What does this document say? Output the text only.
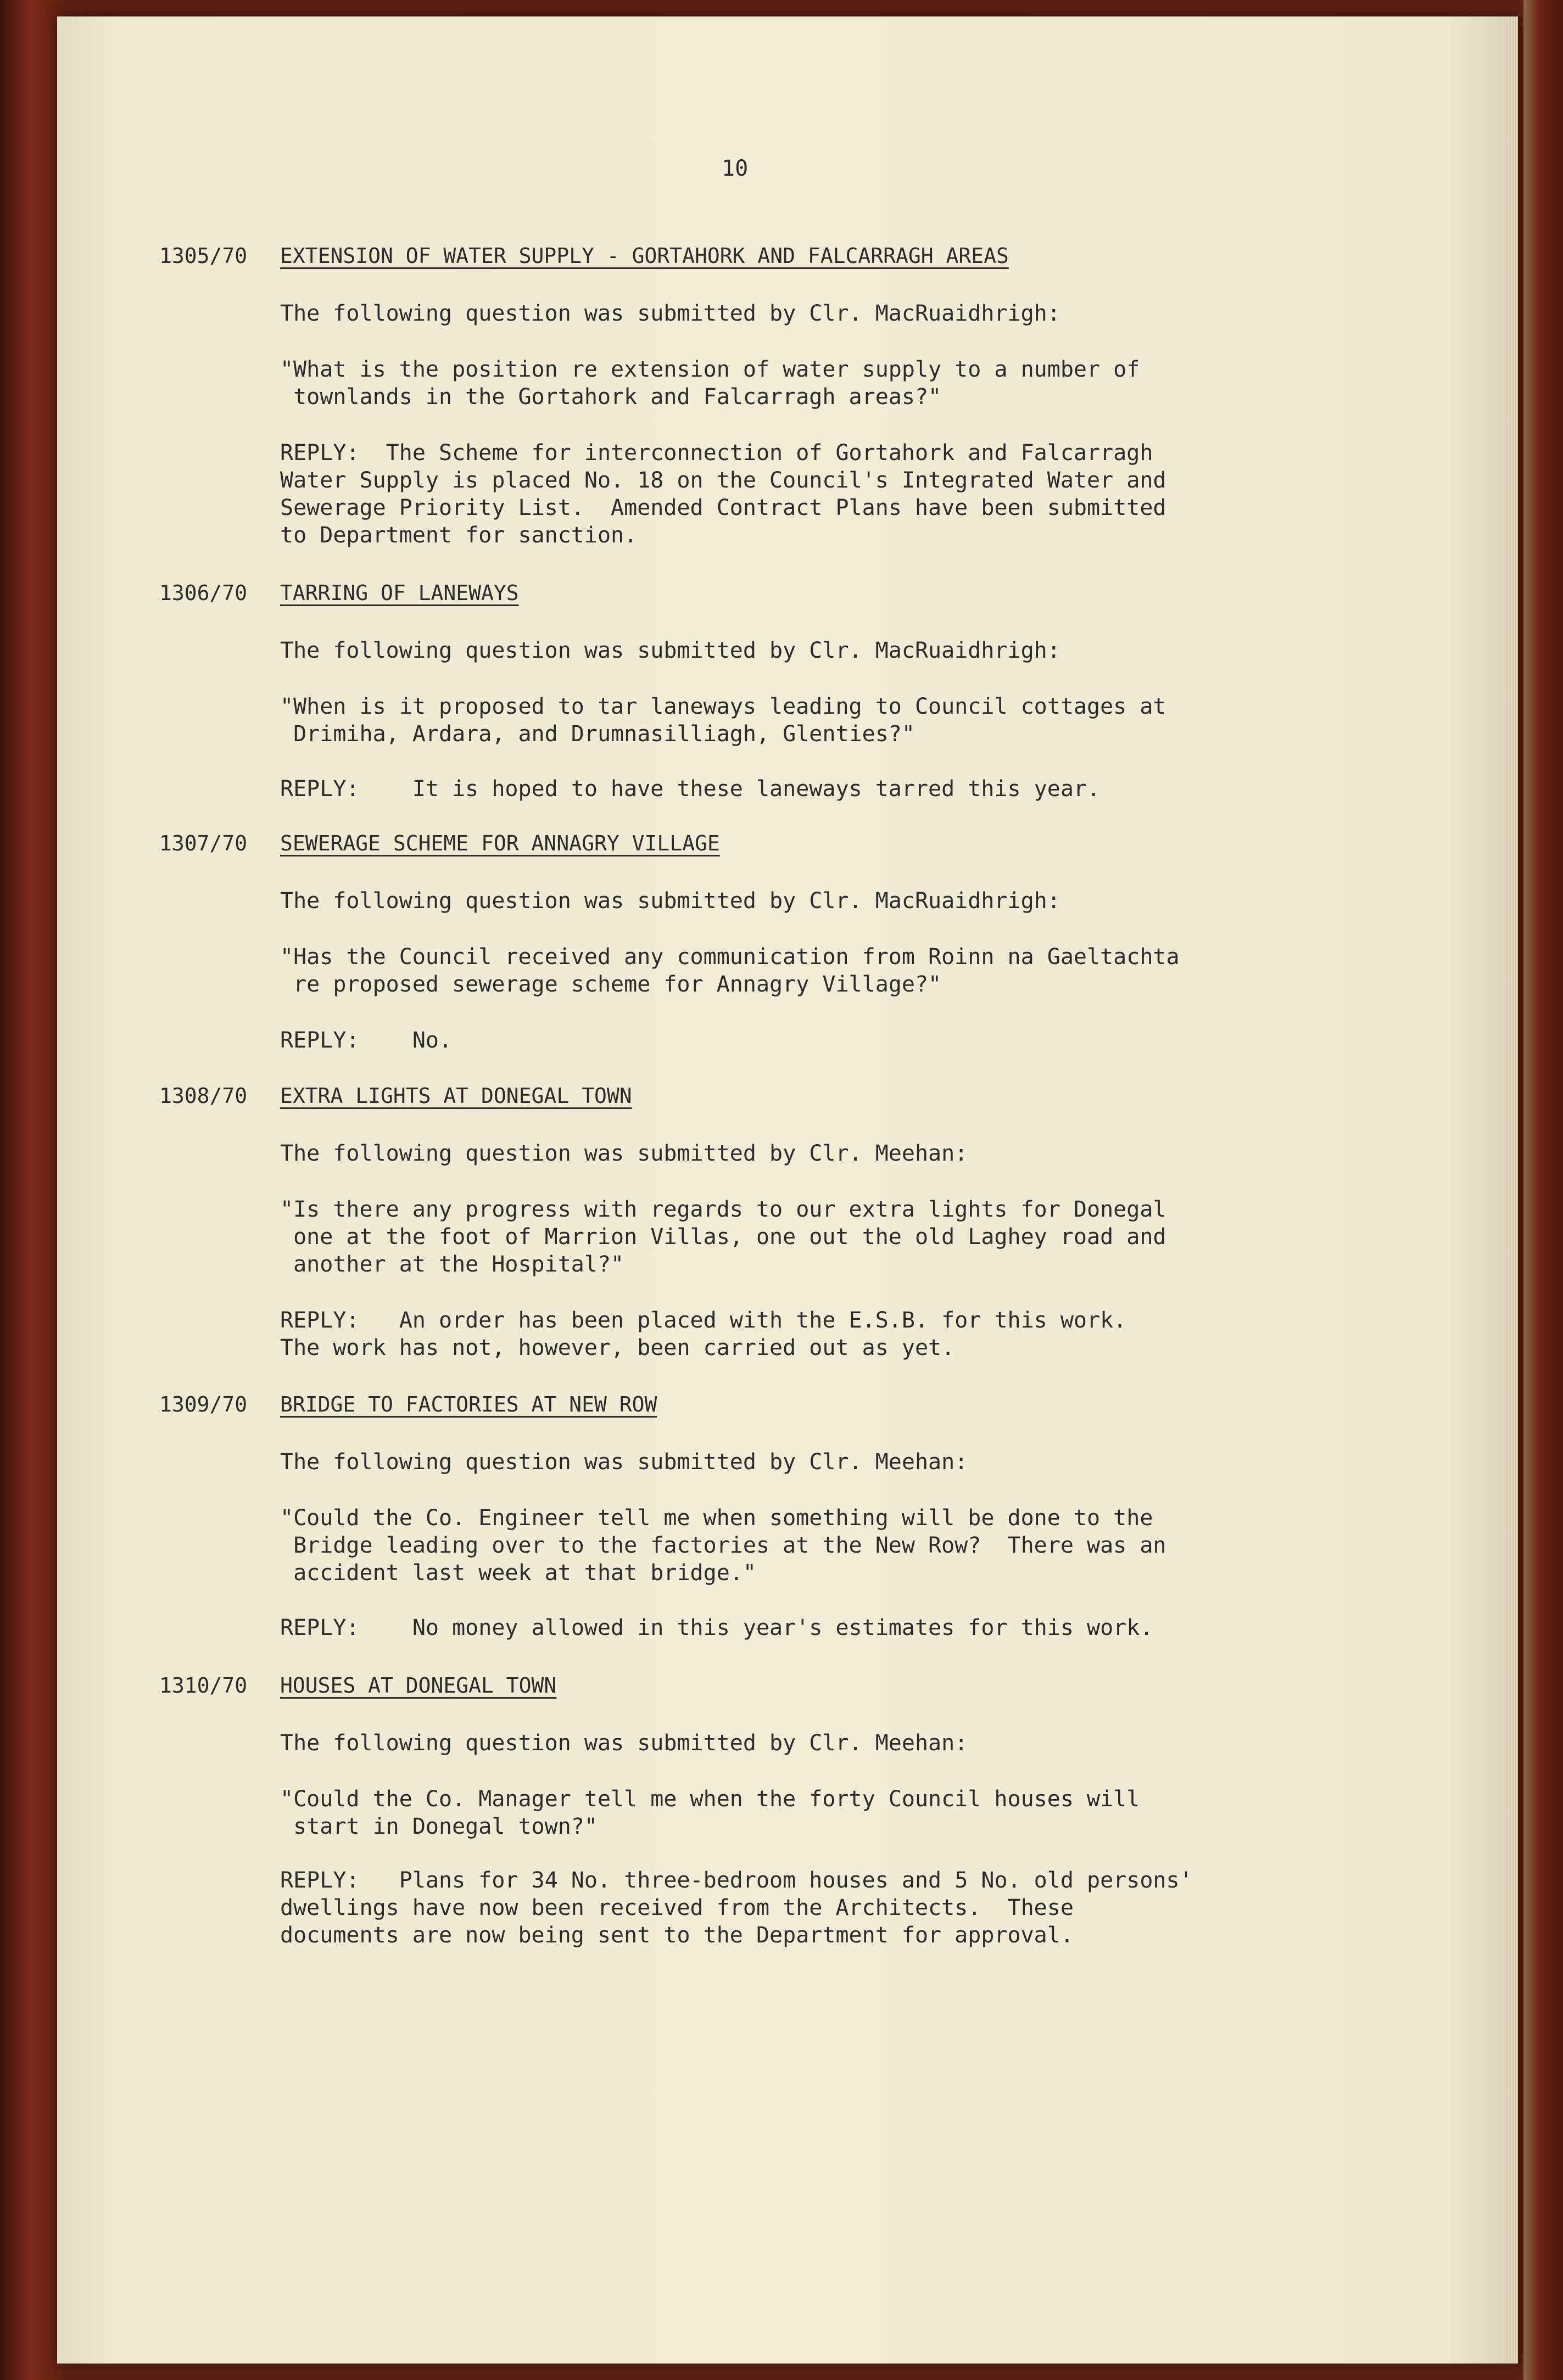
10
1305/70 EXTENSION OF WATER SUPPLY - GORTAHORK AND FALCARRAGH AREAS
The following question was submitted by Clr. MacRuaidhrigh:
"What is the position re extension of water supply to a number of
townlands in the Gortahork and Falcarragh areas?"
REPLY:  The Scheme for interconnection of Gortahork and Falcarragh
Water Supply is placed No. 18 on the Council's Integrated Water and
Sewerage Priority List.  Amended Contract Plans have been submitted
to Department for sanction.
1306/70 TARRING OF LANEWAYS
The following question was submitted by Clr. MacRuaidhrigh:
"When is it proposed to tar laneways leading to Council cottages at
Drimiha, Ardara, and Drumnasilliagh, Glenties?"
REPLY:    It is hoped to have these laneways tarred this year.
1307/70 SEWERAGE SCHEME FOR ANNAGRY VILLAGE
The following question was submitted by Clr. MacRuaidhrigh:
"Has the Council received any communication from Roinn na Gaeltachta
re proposed sewerage scheme for Annagry Village?"
REPLY:    No.
1308/70 EXTRA LIGHTS AT DONEGAL TOWN
The following question was submitted by Clr. Meehan:
"Is there any progress with regards to our extra lights for Donegal
one at the foot of Marrion Villas, one out the old Laghey road and
another at the Hospital?"
REPLY:   An order has been placed with the E.S.B. for this work.
The work has not, however, been carried out as yet.
1309/70 BRIDGE TO FACTORIES AT NEW ROW
The following question was submitted by Clr. Meehan:
"Could the Co. Engineer tell me when something will be done to the
Bridge leading over to the factories at the New Row?  There was an
accident last week at that bridge."
REPLY:    No money allowed in this year's estimates for this work.
1310/70 HOUSES AT DONEGAL TOWN
The following question was submitted by Clr. Meehan:
"Could the Co. Manager tell me when the forty Council houses will
start in Donegal town?"
REPLY:   Plans for 34 No. three-bedroom houses and 5 No. old persons'
dwellings have now been received from the Architects.  These
documents are now being sent to the Department for approval.
